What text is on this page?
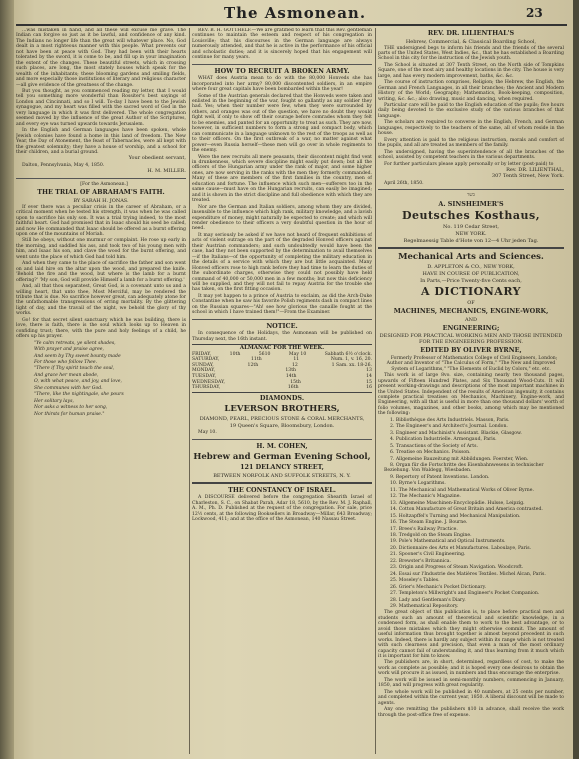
The Asmonean.	23

...was mistaken in hand, and all these will excuse me grave. The Indian can forgive so just as it be lawful, and confidence of any kind. The Indians no longer life than the great will whatever place. No, God dealt in a most righteous manner with this people. What prevents our not have been at peace with God. They had been with their hearts tolerated by the sword, it is come to be, and fill up in your imagination the extent of the changes. These beautiful streets, which in crossing such places, are long, the most stately houses which speak for the wealth of the inhabitants; these blooming gardens and smiling fields, and more especially those institutions of literary and religious character—all give evidence of the greatness of the change.

But you thought, as you commenced reading my letter, that I would tell you something more wonderful than Rossiter's best sayings of London and Cincinnati, and so I will. To-day I have been to the Jewish synagogue, and my heart was filled with the sacred word of God in the very language in which it was first delivered. The whole congregation seemed moved by the influence of the great Author of the Scriptures, and every eye was turned upwards towards Jerusalem.

In the English and German languages have been spoken, whole Jewish colonies have found a home in this land of freedom. The New Year, the Day of Atonement, the feast of Tabernacles, were all kept with the greatest solemnity; they have a house of worship, and a school for their children, and a burial ground.

Your obedient servant,

Dalton, Pennsylvania, May 4, 1850.

H. M. MILLER.

[For the Asmonean.]

THE TRIAL OF ABRAHAM'S FAITH.
BY SARAH H. JONAS.

If ever there was a peculiar crisis in the career of Abraham, or a critical moment when he tested his strength, it was when he was called upon to sacrifice his only son. It was a trial trying indeed, to the most faithful heart. God had promised that in Isaac should his seed be called, and now He commanded that Isaac should be offered as a burnt offering upon one of the mountains of Moriah.

Still he obeys, without one murmur or complaint. He rose up early in the morning, and saddled his ass, and took two of his young men with him, and Isaac his son, and clave the wood for the burnt offering, and went unto the place of which God had told him.

And when they came to the place of sacrifice the father and son went on and laid hire on the altar upon the wood, and prepared the knife. 'Behold the fire and the wood, but where is the lamb for a burnt offering?' 'My son, God will provide Himself a lamb for a burnt offering.'

And, all that thou separatest, Great God, is a covenant unto us and a willing heart, that unto thee, Most Merciful, may be rendered the tribute that is due. No sacrifice however great, can adequately atone for the unfathomable transgressions of erring mortality. By the glittering light of day, and the travail of the night, we behold the glory of thy works.

Go! for that secret silent sanctuary which he was building, there is love, there is faith, there is the soul which looks up to Heaven in confiding trust; there, with the pure and holy feelings of a child, he offers up his prayer.

"Ye calm retreats, ye silent shades,

With prayer and praise agree,

And seem by Thy sweet bounty made

For those who follow Thee.

"There if Thy spirit touch the soul,

And grace her mean abode,

O, with what peace, and joy, and love,

She communes with her God.

"There, like the nightingale, she pours

Her solitary lays,

Nor asks a witness to her song,

Nor thirsts for human praise."

REV. B. H. GOTTHELF.—We are gratified to learn that this Rev. gentleman continues to maintain the esteem and respect of his congregation in Louisville; that his discourses in the German language are always numerously attended, and that he is active in the performance of his official and scholastic duties; and it is sincerely hoped that his engagement will continue for many years.

HOW TO RECRUIT A BROKEN ARMY.

WHAT does Austria mean to do with the 80,000 Honveds she has incorporated into her army? 80,000 discontented soldiers, in an empire where four great capitals have been bombarded within the year!

Some of the Austrian generals declared that the Honveds were taken and enlisted in the beginning of the war, fought so gallantly as any soldier they had. Yes; when their number were few, when they were surrounded by others, and oranges was out of the question, we have no doubt they would fight well, if only to show off their courage before comrades whom they felt to be enemies, and panted for an opportunity to treat as such. They are now, however, in sufficient numbers to form a strong and compact body, which can communicate in a language unknown to the rest of the troops as well as to their officers. On the first outbreak of a war, no matter against what power—even Russia herself—these men will go over in whole regiments to the enemy.

Were the new recruits all mere peasants, their discontent might find vent in drunkenness, which severe discipline might easily put down; but all the officers of the Hungarian army under the rank of major, and some higher ones, are now serving in the ranks with the men they formerly commanded. Many of these are members of the first families in the country, men of education and fortune. The influence which such men—sufferers too in the same cause—must have on the Hungarian recruits, can easily be imagined; and it is shown in the strict discipline and full obedience with which they are treated.

Nor are the German and Italian soldiers, among whom they are divided, insensible to the influence which high rank, military knowledge, and a lavish expenditure of money, might naturally be expected to create; and which will render obedience to their officers a very doubtful question in the hour of need.

It may seriously be asked if we have not heard of frequent exhibitions of acts of violent outrage on the part of the degraded Honved officers against their Austrian commanders; and such undoubtedly would have been the case, had they not been supported by the determination to avail themselves—if the Italians—of the opportunity of completing the military education in the details of a service with which they are but little acquainted. Many Honved officers rose to high rank before they had time to learn the duties of the subordinate charges, otherwise they could not possibly have held command of 40,000 or 50,000 men in a few months; but now this deficiency will be supplied, and they will not fail to repay Austria for the trouble she has taken, on the first fitting occasion.

It may yet happen to a prince of Austria to exclaim, as did the Arch-Duke Constantine when he saw his favorite Polish regiments dash in compact lines on the Russian squares—"Ah! see how glorious the canaille fought at the school in which I have trained them!"—From the Examiner.

NOTICE.

In consequence of the Holidays, the Asmonean will be published on Thursday next, the 16th instant.

ALMANAC FOR THE WEEK.
FRIDAY,	10th	5610	May 10	Sabbath 6½ o'clock.
SATURDAY,	11th	11	Num. 1, v. 16, 20.
SUNDAY,	12th	12	1 Sam. xx. 18-26.
MONDAY,	13th	13
TUESDAY,	14th	14
WEDNESDAY,	15th	15
THURSDAY,	16th	16
DIAMONDS.
LEVERSON BROTHERS,
DIAMOND, PEARL, PRECIOUS STONE & CORAL MERCHANTS,
19 Queen's Square, Bloomsbury, London.

May 10.

H. M. COHEN,
Hebrew and German Evening School,
121 DELANCY STREET,
BETWEEN NORFOLK AND SUFFOLK STREETS, N. Y.
THE CONSTANCY OF ISRAEL.

A DISCOURSE delivered before the congregation Shearith Israel of Charleston, S. C., on Shabat Parah, Adar 18, 5610, by the Rev. M. J. Raphall, A. M., Ph. D. Published at the request of the congregation. For sale, price 12½ cents, at the following Booksellers in Broadway—Millar, 643 Broadway; Lockwood, 411; and at the office of the Asmonean, 140 Nassau Street.

REV. DR. LILIENTHAL'S
Hebrew, Commercial, & Classical Boarding School,

THE undersigned begs to inform his friends and the friends of the several parts of the United States, West Indies, &c., that he has established a Boarding School in this city for the instruction of the Jewish youth.

The School is situated at 307 Tenth Street, on the North side of Tompkins Square, one of the most airy and healthy locations in the city. The house is very large, and has every modern improvement, baths, &c. &c.

The course of instruction comprises, Religion; the Hebrew, the English, the German and French Languages, in all their branches; the Ancient and Modern History of the World; Geography; Mathematics, Book-keeping, composition, writing, &c. &c.; also drawing, music and dancing, when required.

Particular care will be paid to the English education of the pupils; five hours daily being devoted to the exclusive study of the various branches of that language.

The scholars are required to converse in the English, French, and German languages, respectively to the teachers of the same, all of whom reside in the house.

Every attention is paid to the religious instruction, morals and comfort of the pupils, and all are treated as members of the family.

The undersigned, having the superintendence of all the branches of the school, assisted by competent teachers in the various departments.

For further particulars please apply personally or by letter (post-paid) to

Rev. DR. LILIENTHAL,

307 Tenth Street, New York.

April 26th, 1850.

כשר
A. SINSHEIMER'S
Deutsches Kosthaus,
No. 119 Cedar Street,
NEW YORK.
Regelmaessig Table d'Hote von 12—4 Uhr jeden Tag.
Mechanical Arts and Sciences.
D. APPLETON & CO., NEW YORK,
HAVE IN COURSE OF PUBLICATION,
In Parts,—Price Twenty-five Cents each,
A DICTIONARY
OF
MACHINES, MECHANICS, ENGINE-WORK,
AND
ENGINEERING;
DESIGNED FOR PRACTICAL WORKING MEN AND THOSE INTENDED FOR THE ENGINEERING PROFESSION.
EDITED BY OLIVER BYRNE,

Formerly Professor of Mathematics College of Civil Engineers, London; Author and Inventor of "The Calculus of Form," "The New and Improved System of Logarithms," "The Elements of Euclid by Colors," etc. etc.

This work is of large 8vo. size, containing nearly two thousand pages, upwards of Fifteen Hundred Plates, and Six Thousand Wood-Cuts. It will present working-drawings and descriptions of the most important machines in the United States. Independent of the results of American ingenuity, it contains complete practical treatises on Mechanics, Machinery, Engine-work, and Engineering, with all that is useful in more than one thousand dollars' worth of folio volumes, magazines, and other books, among which may be mentioned the following:

1. Bibliothèque des Arts Industriels. Masson, Paris.

2. The Engineer's and Architect's Journal. London.

3. Engineer and Machinist's Assistant. Blackie, Glasgow.

4. Publication Industrielle. Armengaud, Paris.

5. Transactions of the Society of Arts.

6. Treatise on Mechanics. Poisson.

7. Allgemeine Bauzeitung mit Abbildungen. Foerster, Wien.

8. Organ für die Fortschritte des Eisenbahnwesens in technischer Beziehung. Von Waldegg, Wiesbaden.

9. Repertory of Patent Inventions. London.

10. Byrne's Logarithms.

11. The Mechanical and Mathematical Works of Oliver Byrne.

12. The Mechanic's Magazine.

13. Allgemeine Maschinen-Encyclopädie. Hulsse, Leipzig.

14. Cotton Manufacture of Great Britain and America contrasted.

15. Holtzapffel's Turning and Mechanical Manipulation.

16. The Steam Engine. J. Bourne.

17. Brees's Railway Practice.

18. Tredgold on the Steam Engine.

19. Pole's Mathematical and Optical Instruments.

20. Dictionnaire des Arts et Manufactures. Laboulaye, Paris.

21. Spooner's Civil Engineering.

22. Brewster's Britannica.

23. Origin and Progress of Steam Navigation. Woodcroft.

24. Essai sur l'Industrie des Matières Textiles. Michel Alcan, Paris.

25. Moseley's Tables.

26. Grier's Mechanic's Pocket Dictionary.

27. Templeton's Millwright's and Engineer's Pocket Companion.

28. Lady and Gentleman's Diary.

29. Mathematical Repository.

The great object of this publication is, to place before practical men and students such an amount of theoretical and scientific knowledge, in a condensed form, as shall enable them to work to the best advantage, or to avoid those mistakes which they might otherwise commit. The amount of useful information thus brought together is almost beyond precedent in such works. Indeed, there is hardly any subject within its range which is not treated with such clearness and precision, that even a man of the most ordinary capacity cannot fail of understanding it, and thus learning from it much which it is important for him to know.

The publishers are, in short, determined, regardless of cost, to make the work as complete as possible; and it is hoped every one desirous to obtain the work will procure it as issued, in numbers and thus encourage the enterprise.

The work will be issued in semi-monthly numbers, commencing in January, 1850, and will progress with great regularity.

The whole work will be published in 40 numbers, at 25 cents per number, and completed within the current year, 1850. A liberal discount will be made to agents.

Any one remitting the publishers $10 in advance, shall receive the work through the post-office free of expense.
